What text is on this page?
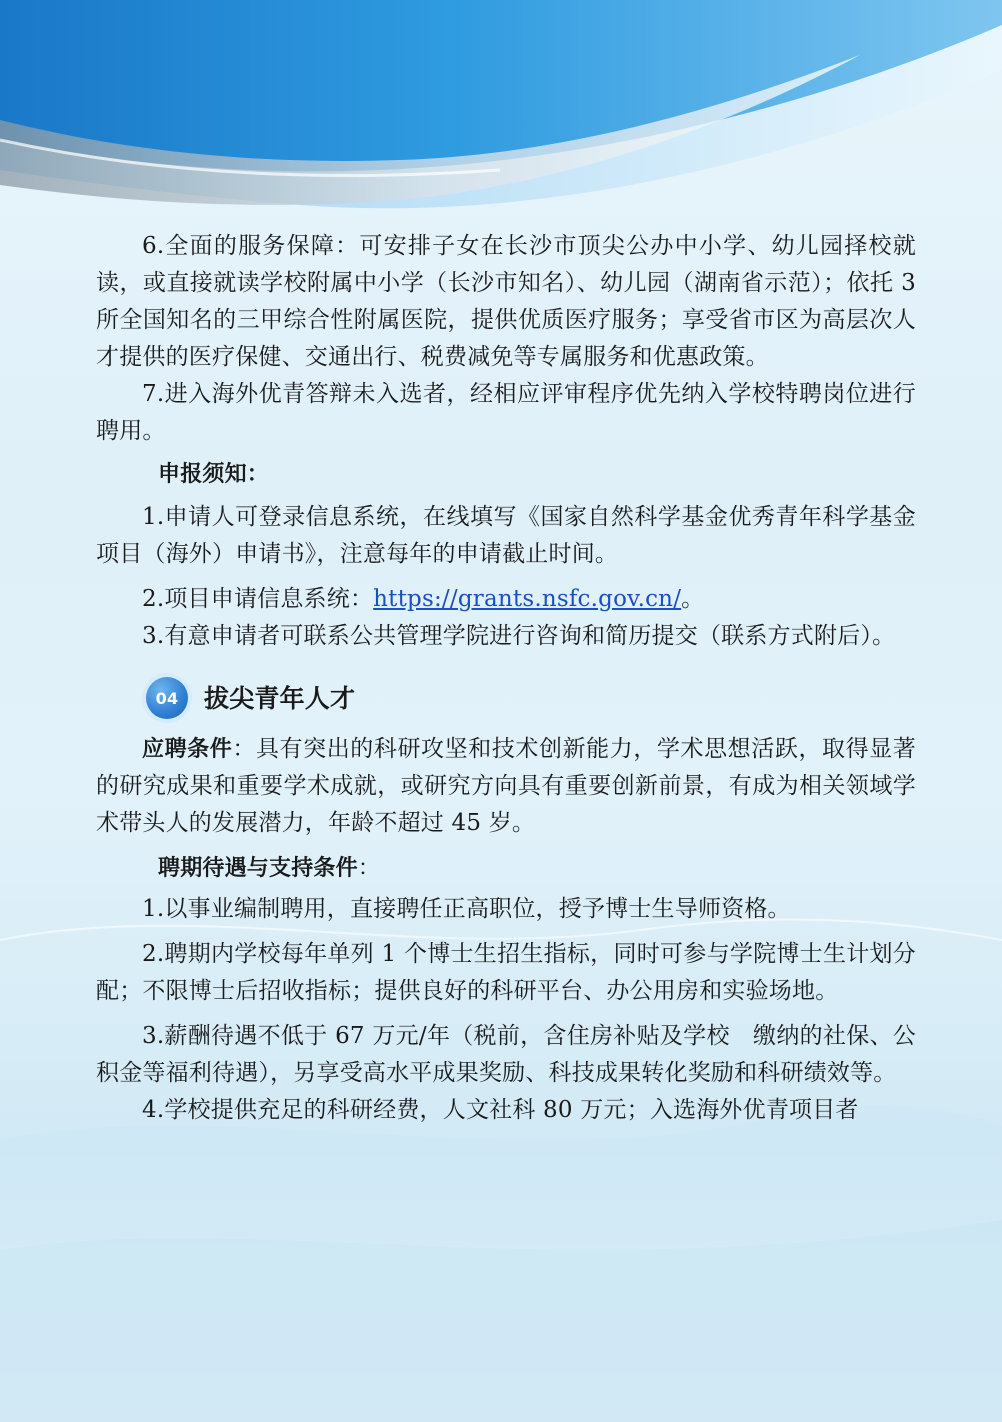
6.全面的服务保障：可安排子女在长沙市顶尖公办中小学、幼儿园择校就读，或直接就读学校附属中小学（长沙市知名）、幼儿园（湖南省示范）；依托 3 所全国知名的三甲综合性附属医院，提供优质医疗服务；享受省市区为高层次人才提供的医疗保健、交通出行、税费减免等专属服务和优惠政策。

7.进入海外优青答辩未入选者，经相应评审程序优先纳入学校特聘岗位进行聘用。

申报须知：

1.申请人可登录信息系统，在线填写《国家自然科学基金优秀青年科学基金项目（海外）申请书》，注意每年的申请截止时间。

2.项目申请信息系统：https://grants.nsfc.gov.cn/。

3.有意申请者可联系公共管理学院进行咨询和简历提交（联系方式附后）。

04	拔尖青年人才

应聘条件：具有突出的科研攻坚和技术创新能力，学术思想活跃，取得显著的研究成果和重要学术成就，或研究方向具有重要创新前景，有成为相关领域学术带头人的发展潜力，年龄不超过 45 岁。

聘期待遇与支持条件：

1.以事业编制聘用，直接聘任正高职位，授予博士生导师资格。

2.聘期内学校每年单列 1 个博士生招生指标，同时可参与学院博士生计划分配；不限博士后招收指标；提供良好的科研平台、办公用房和实验场地。

3.薪酬待遇不低于 67 万元/年（税前，含住房补贴及学校　缴纳的社保、公积金等福利待遇），另享受高水平成果奖励、科技成果转化奖励和科研绩效等。

4.学校提供充足的科研经费，人文社科 80 万元；入选海外优青项目者
